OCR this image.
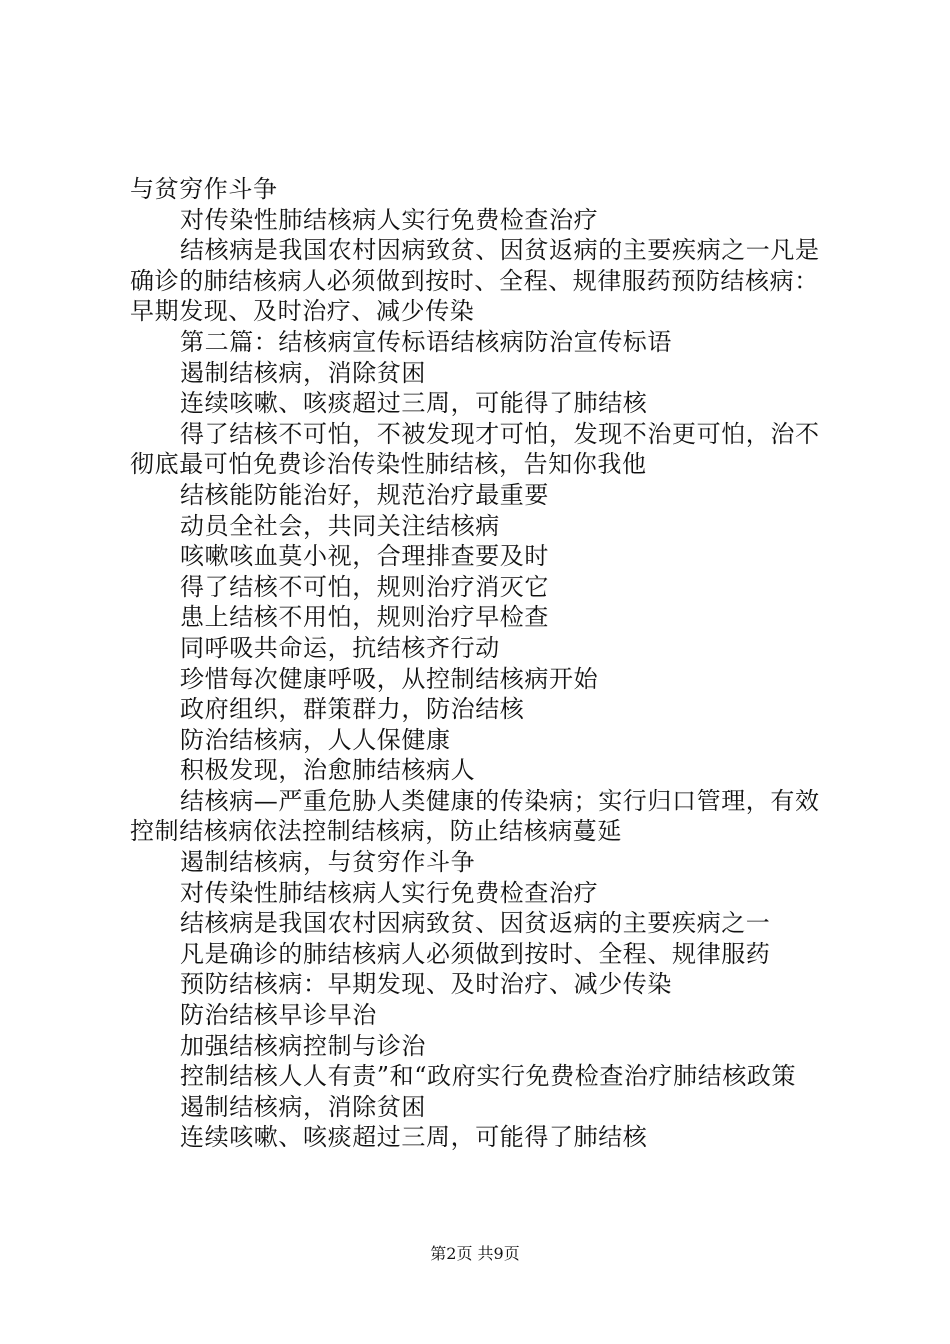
与贫穷作斗争

对传染性肺结核病人实行免费检查治疗

结核病是我国农村因病致贫、因贫返病的主要疾病之一凡是确诊的肺结核病人必须做到按时、全程、规律服药预防结核病：早期发现、及时治疗、减少传染

第二篇：结核病宣传标语结核病防治宣传标语

遏制结核病，消除贫困

连续咳嗽、咳痰超过三周，可能得了肺结核

得了结核不可怕，不被发现才可怕，发现不治更可怕，治不彻底最可怕免费诊治传染性肺结核，告知你我他

结核能防能治好，规范治疗最重要

动员全社会，共同关注结核病

咳嗽咳血莫小视，合理排查要及时

得了结核不可怕，规则治疗消灭它

患上结核不用怕，规则治疗早检查

同呼吸共命运，抗结核齐行动

珍惜每次健康呼吸，从控制结核病开始

政府组织，群策群力，防治结核

防治结核病，人人保健康

积极发现，治愈肺结核病人

结核病—严重危胁人类健康的传染病；实行归口管理，有效控制结核病依法控制结核病，防止结核病蔓延

遏制结核病，与贫穷作斗争

对传染性肺结核病人实行免费检查治疗

结核病是我国农村因病致贫、因贫返病的主要疾病之一

凡是确诊的肺结核病人必须做到按时、全程、规律服药

预防结核病：早期发现、及时治疗、减少传染

防治结核早诊早治

加强结核病控制与诊治

控制结核人人有责”和“政府实行免费检查治疗肺结核政策

遏制结核病，消除贫困

连续咳嗽、咳痰超过三周，可能得了肺结核

第2页 共9页
